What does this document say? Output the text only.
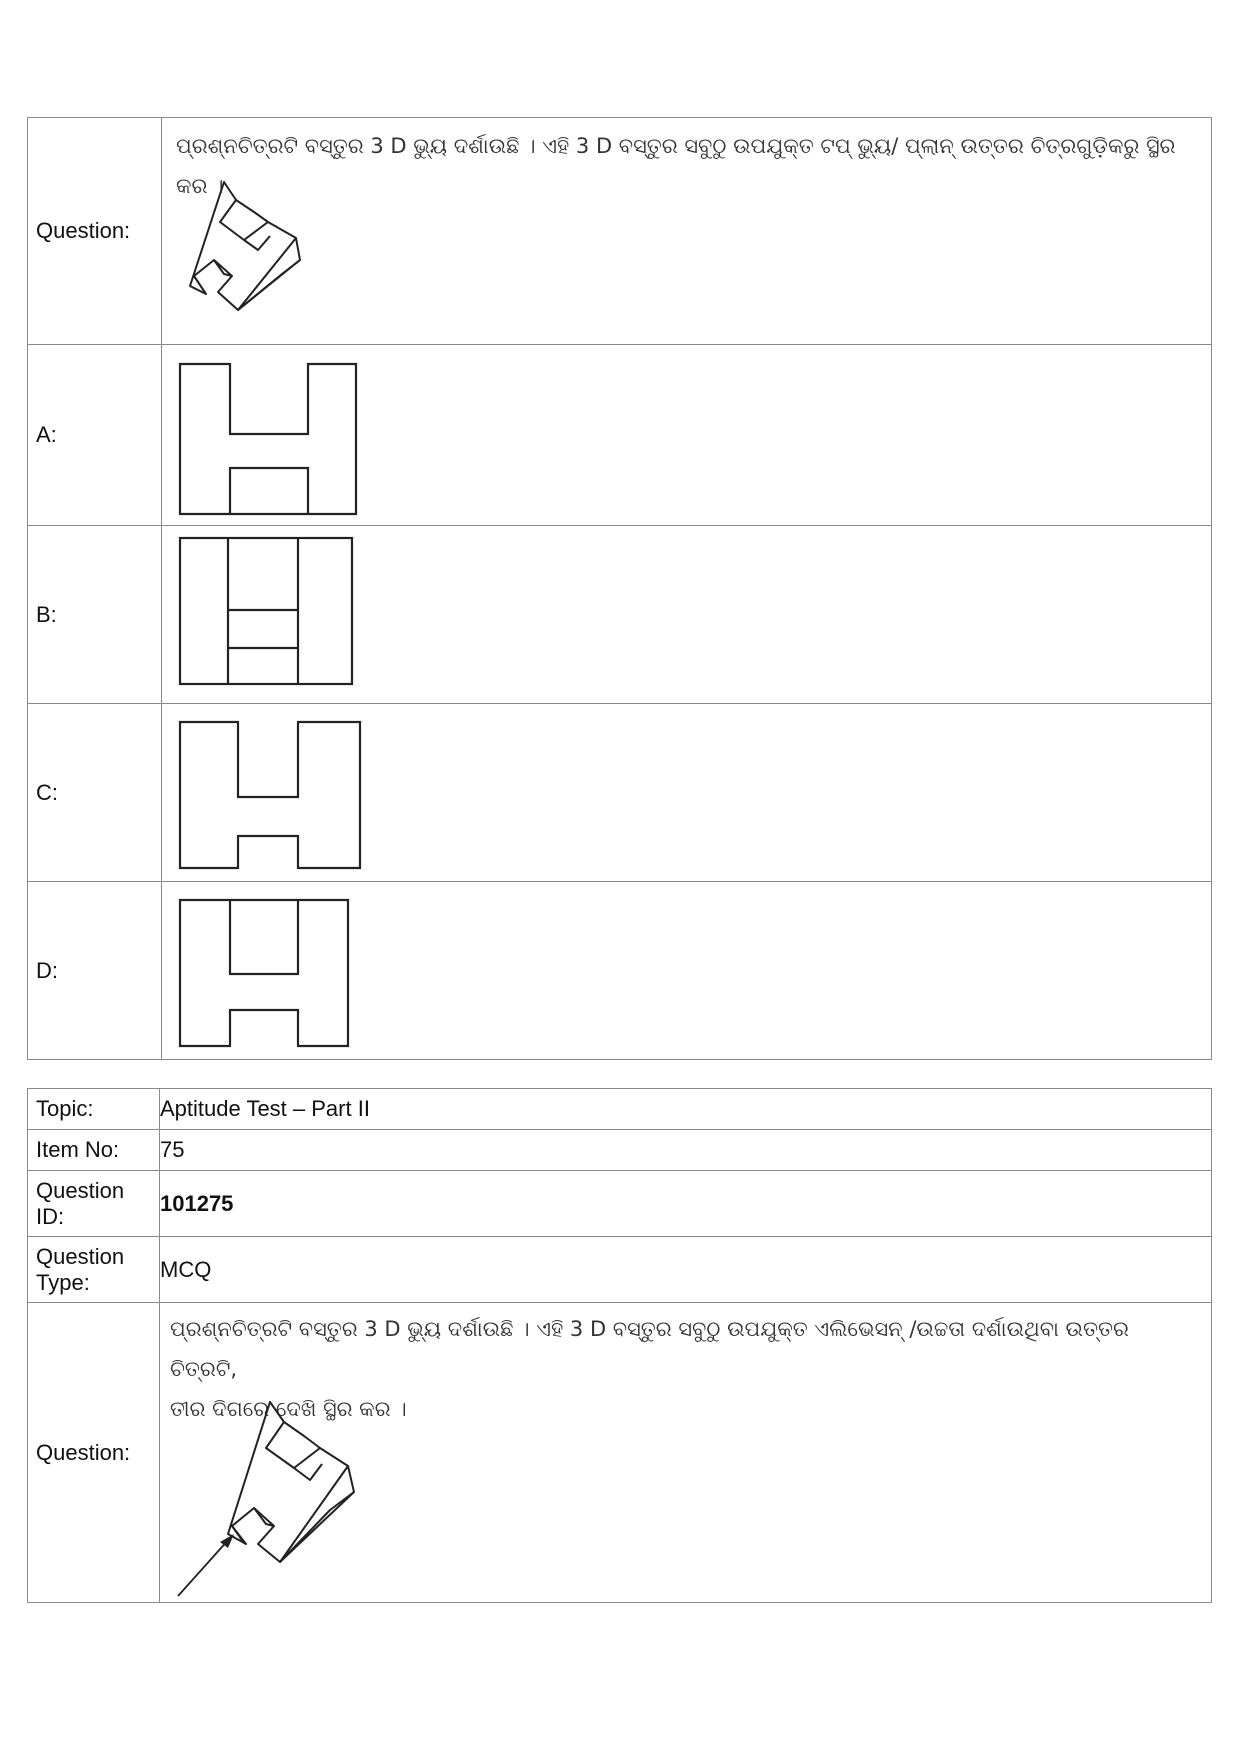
Question:	ପ୍ରଶ୍ନଚିତ୍ରଟି ବସ୍ତୁର 3 D ଭ୍ୟୁ ଦର୍ଶାଉଛି । ଏହି 3 D ବସ୍ତୁର ସବୁଠୁ ଉପଯୁକ୍ତ ଟପ୍ ଭ୍ୟୁ/ ପ୍ଲାନ୍ ଉତ୍ତର ଚିତ୍ରଗୁଡ଼ିକରୁ ସ୍ଥିର କର ।

A:	

B:	

C:	

D:	
Topic:	Aptitude Test – Part II
Item No:	75
Question ID:	101275
Question Type:	MCQ
Question:	ପ୍ରଶ୍ନଚିତ୍ରଟି ବସ୍ତୁର 3 D ଭ୍ୟୁ ଦର୍ଶାଉଛି । ଏହି 3 D ବସ୍ତୁର ସବୁଠୁ ଉପଯୁକ୍ତ ଏଲିଭେସନ୍ /ଉଚ୍ଚତା ଦର୍ଶାଉଥିବା ଉତ୍ତର ଚିତ୍ରଟି,
ତୀର ଦିଗରେ ଦେଖି ସ୍ଥିର କର ।
